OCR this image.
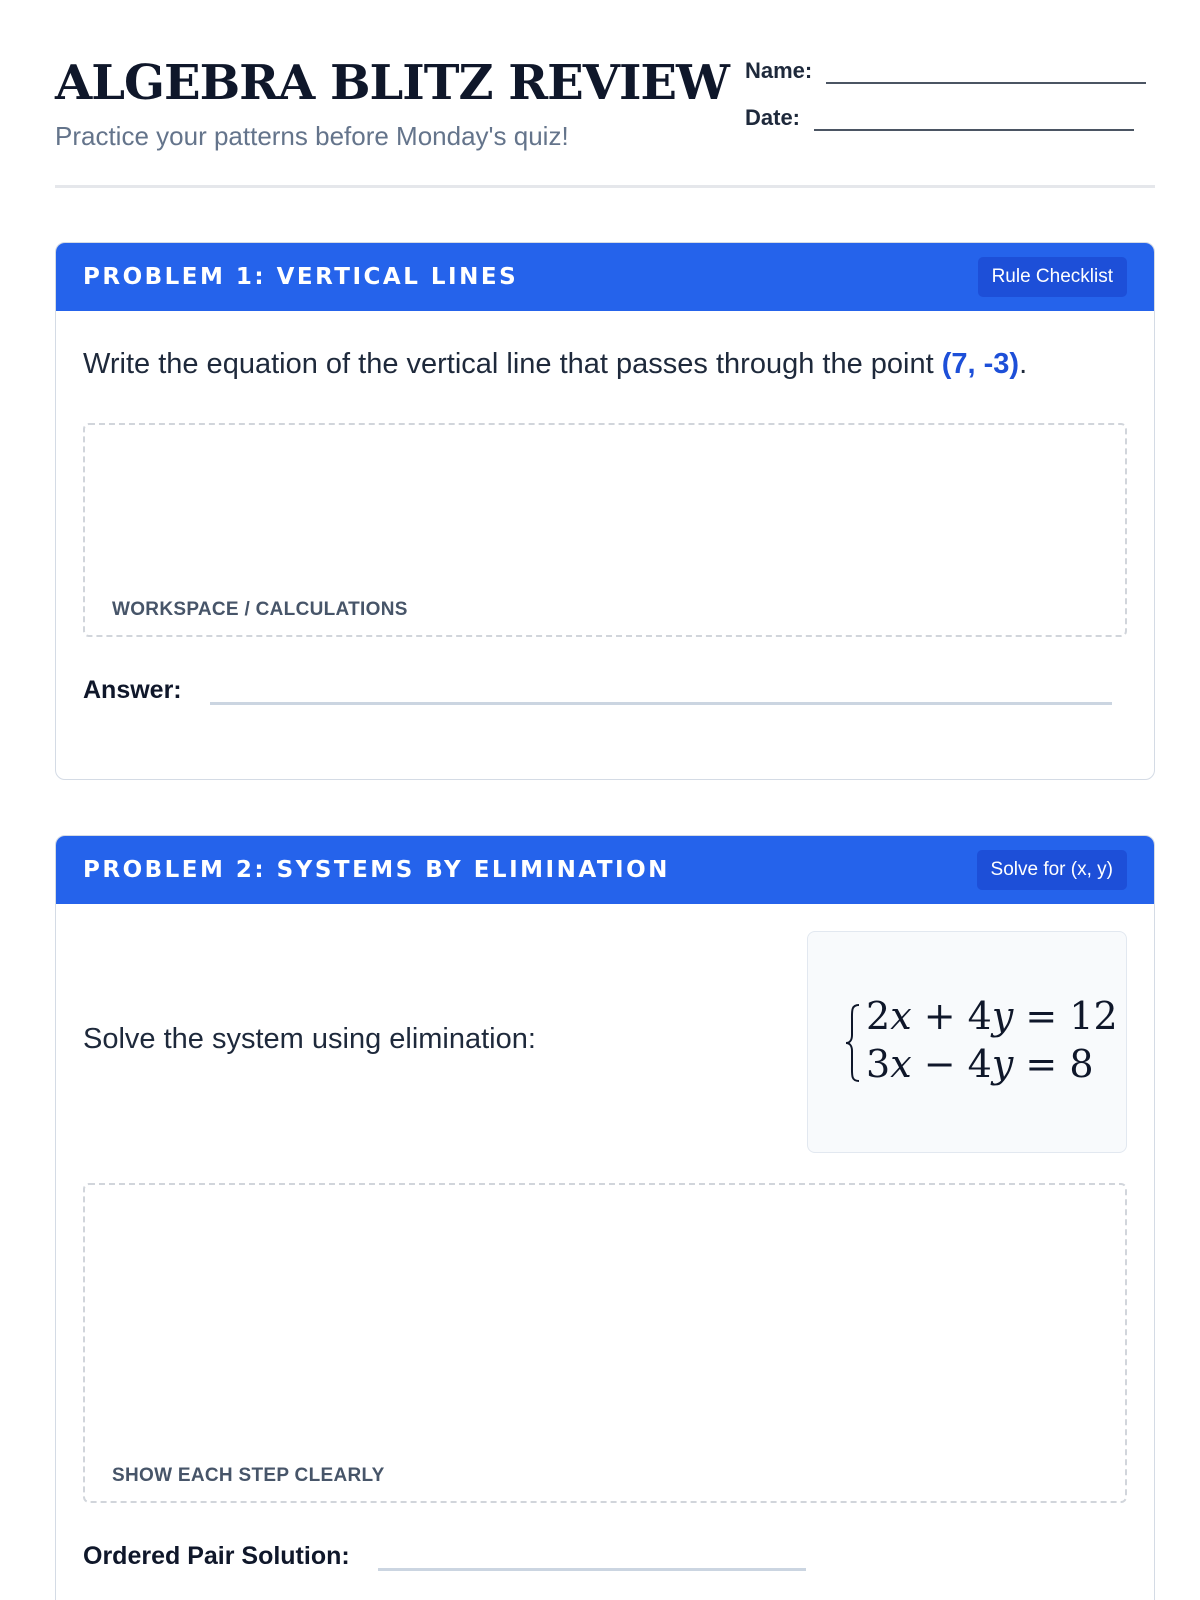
ALGEBRA BLITZ REVIEW
Practice your patterns before Monday's quiz!
Name:
Date:
PROBLEM 1: VERTICAL LINES	Rule Checklist
Write the equation of the vertical line that passes through the point (7, -3).
WORKSPACE / CALCULATIONS
Answer:
PROBLEM 2: SYSTEMS BY ELIMINATION	Solve for (x, y)
Solve the system using elimination:
2x + 4y = 12
3x − 4y = 8
SHOW EACH STEP CLEARLY
Ordered Pair Solution:
